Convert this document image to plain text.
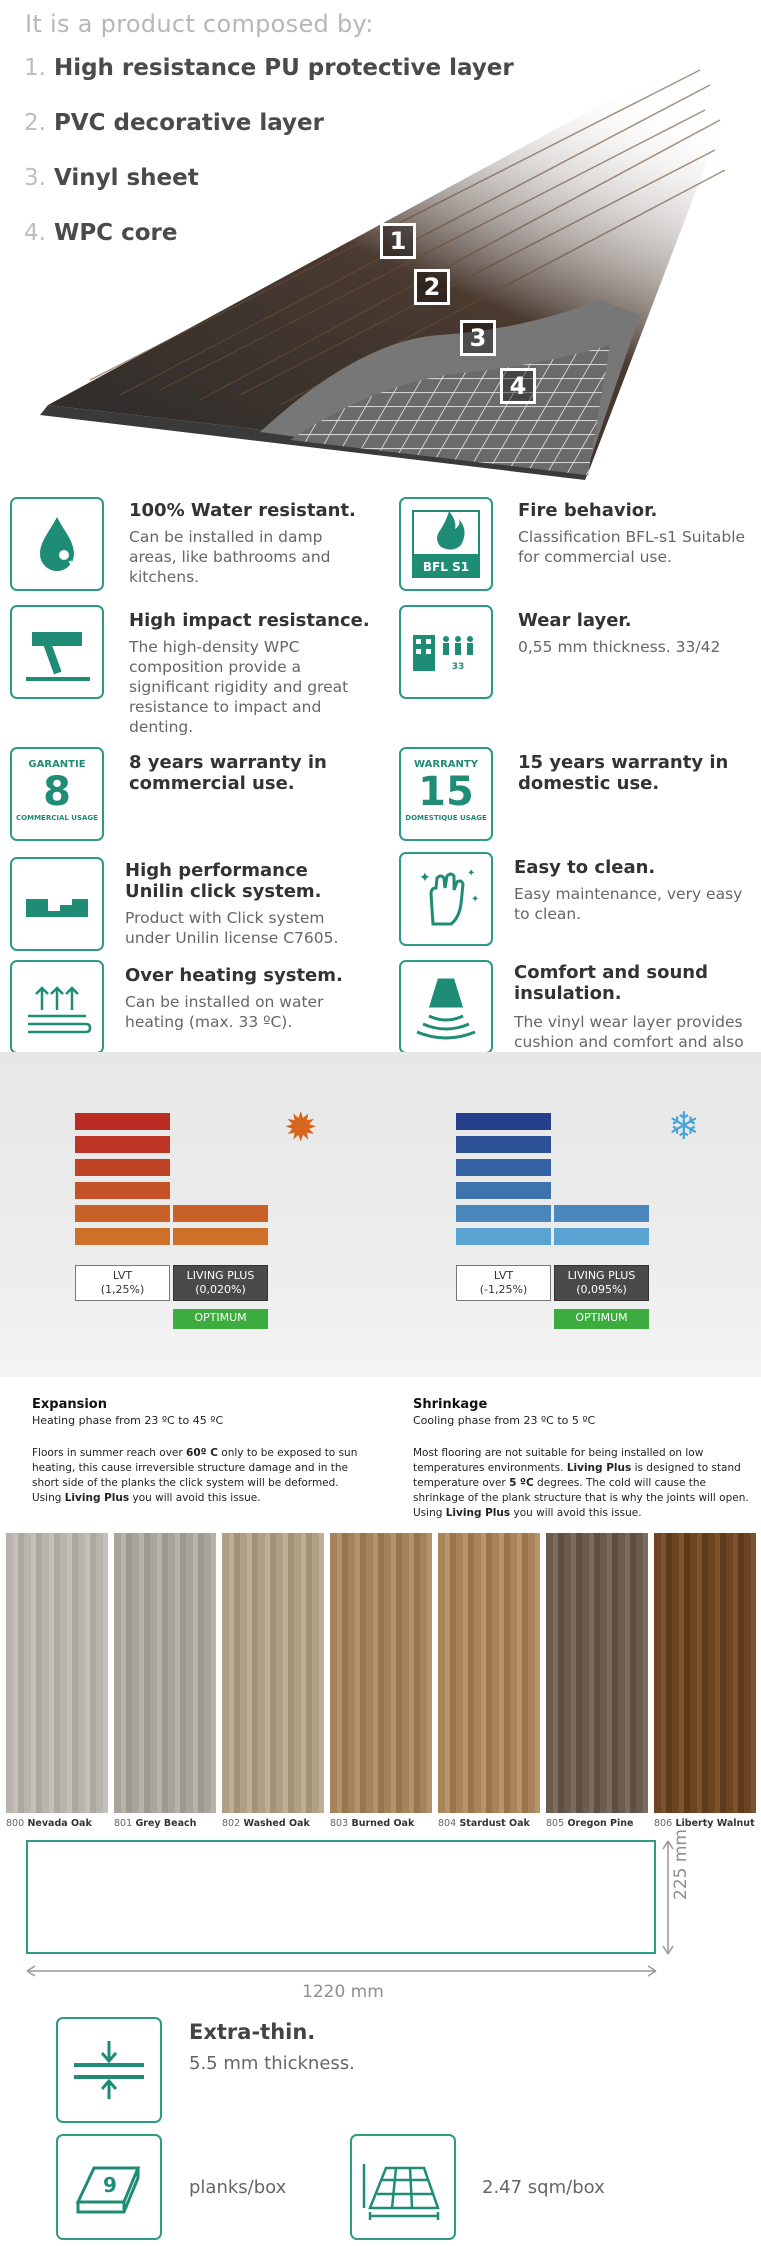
It is a product composed by:
1. High resistance PU protective layer
2. PVC decorative layer
3. Vinyl sheet
4. WPC core	1
2
3
4
100% Water resistant.
Can be installed in damp areas, like bathrooms and kitchens.
BFL S1
Fire behavior.
Classification BFL-s1 Suitable for commercial use.
High impact resistance.
The high-density WPC composition provide a significant rigidity and great resistance to impact and denting.
33
Wear layer.
0,55 mm thickness. 33/42
GARANTIE
8
COMMERCIAL USAGE
8 years warranty in commercial use.
WARRANTY
15
DOMESTIQUE USAGE
15 years warranty in domestic use.
High performance Unilin click system.
Product with Click system under Unilin license C7605.
✦	✦
✦
Easy to clean.
Easy maintenance, very easy to clean.
Over heating system.
Can be installed on water heating (max. 33 ºC).
Comfort and sound insulation.
The vinyl wear layer provides cushion and comfort and also
LVT
(1,25%)
LIVING PLUS
(0,020%)
OPTIMUM
✹
LVT
(-1,25%)
LIVING PLUS
(0,095%)
OPTIMUM
❄
Expansion
Heating phase from 23 ºC to 45 ºC
Floors in summer reach over 60º C only to be exposed to sun heating, this cause irreversible structure damage and in the short side of the planks the click system will be deformed.
Using Living Plus you will avoid this issue.
Shrinkage
Cooling phase from 23 ºC to 5 ºC
Most flooring are not suitable for being installed on low temperatures environments. Living Plus is designed to stand temperature over 5 ºC degrees. The cold will cause the shrinkage of the plank structure that is why the joints will open.
Using Living Plus you will avoid this issue.
800 Nevada Oak 801 Grey Beach	802 Washed Oak 803 Burned Oak 804 Stardust Oak 805 Oregon Pine 806 Liberty Walnut
1220 mm
225 mm
Extra-thin.
5.5 mm thickness.
9	planks/box	2.47 sqm/box
